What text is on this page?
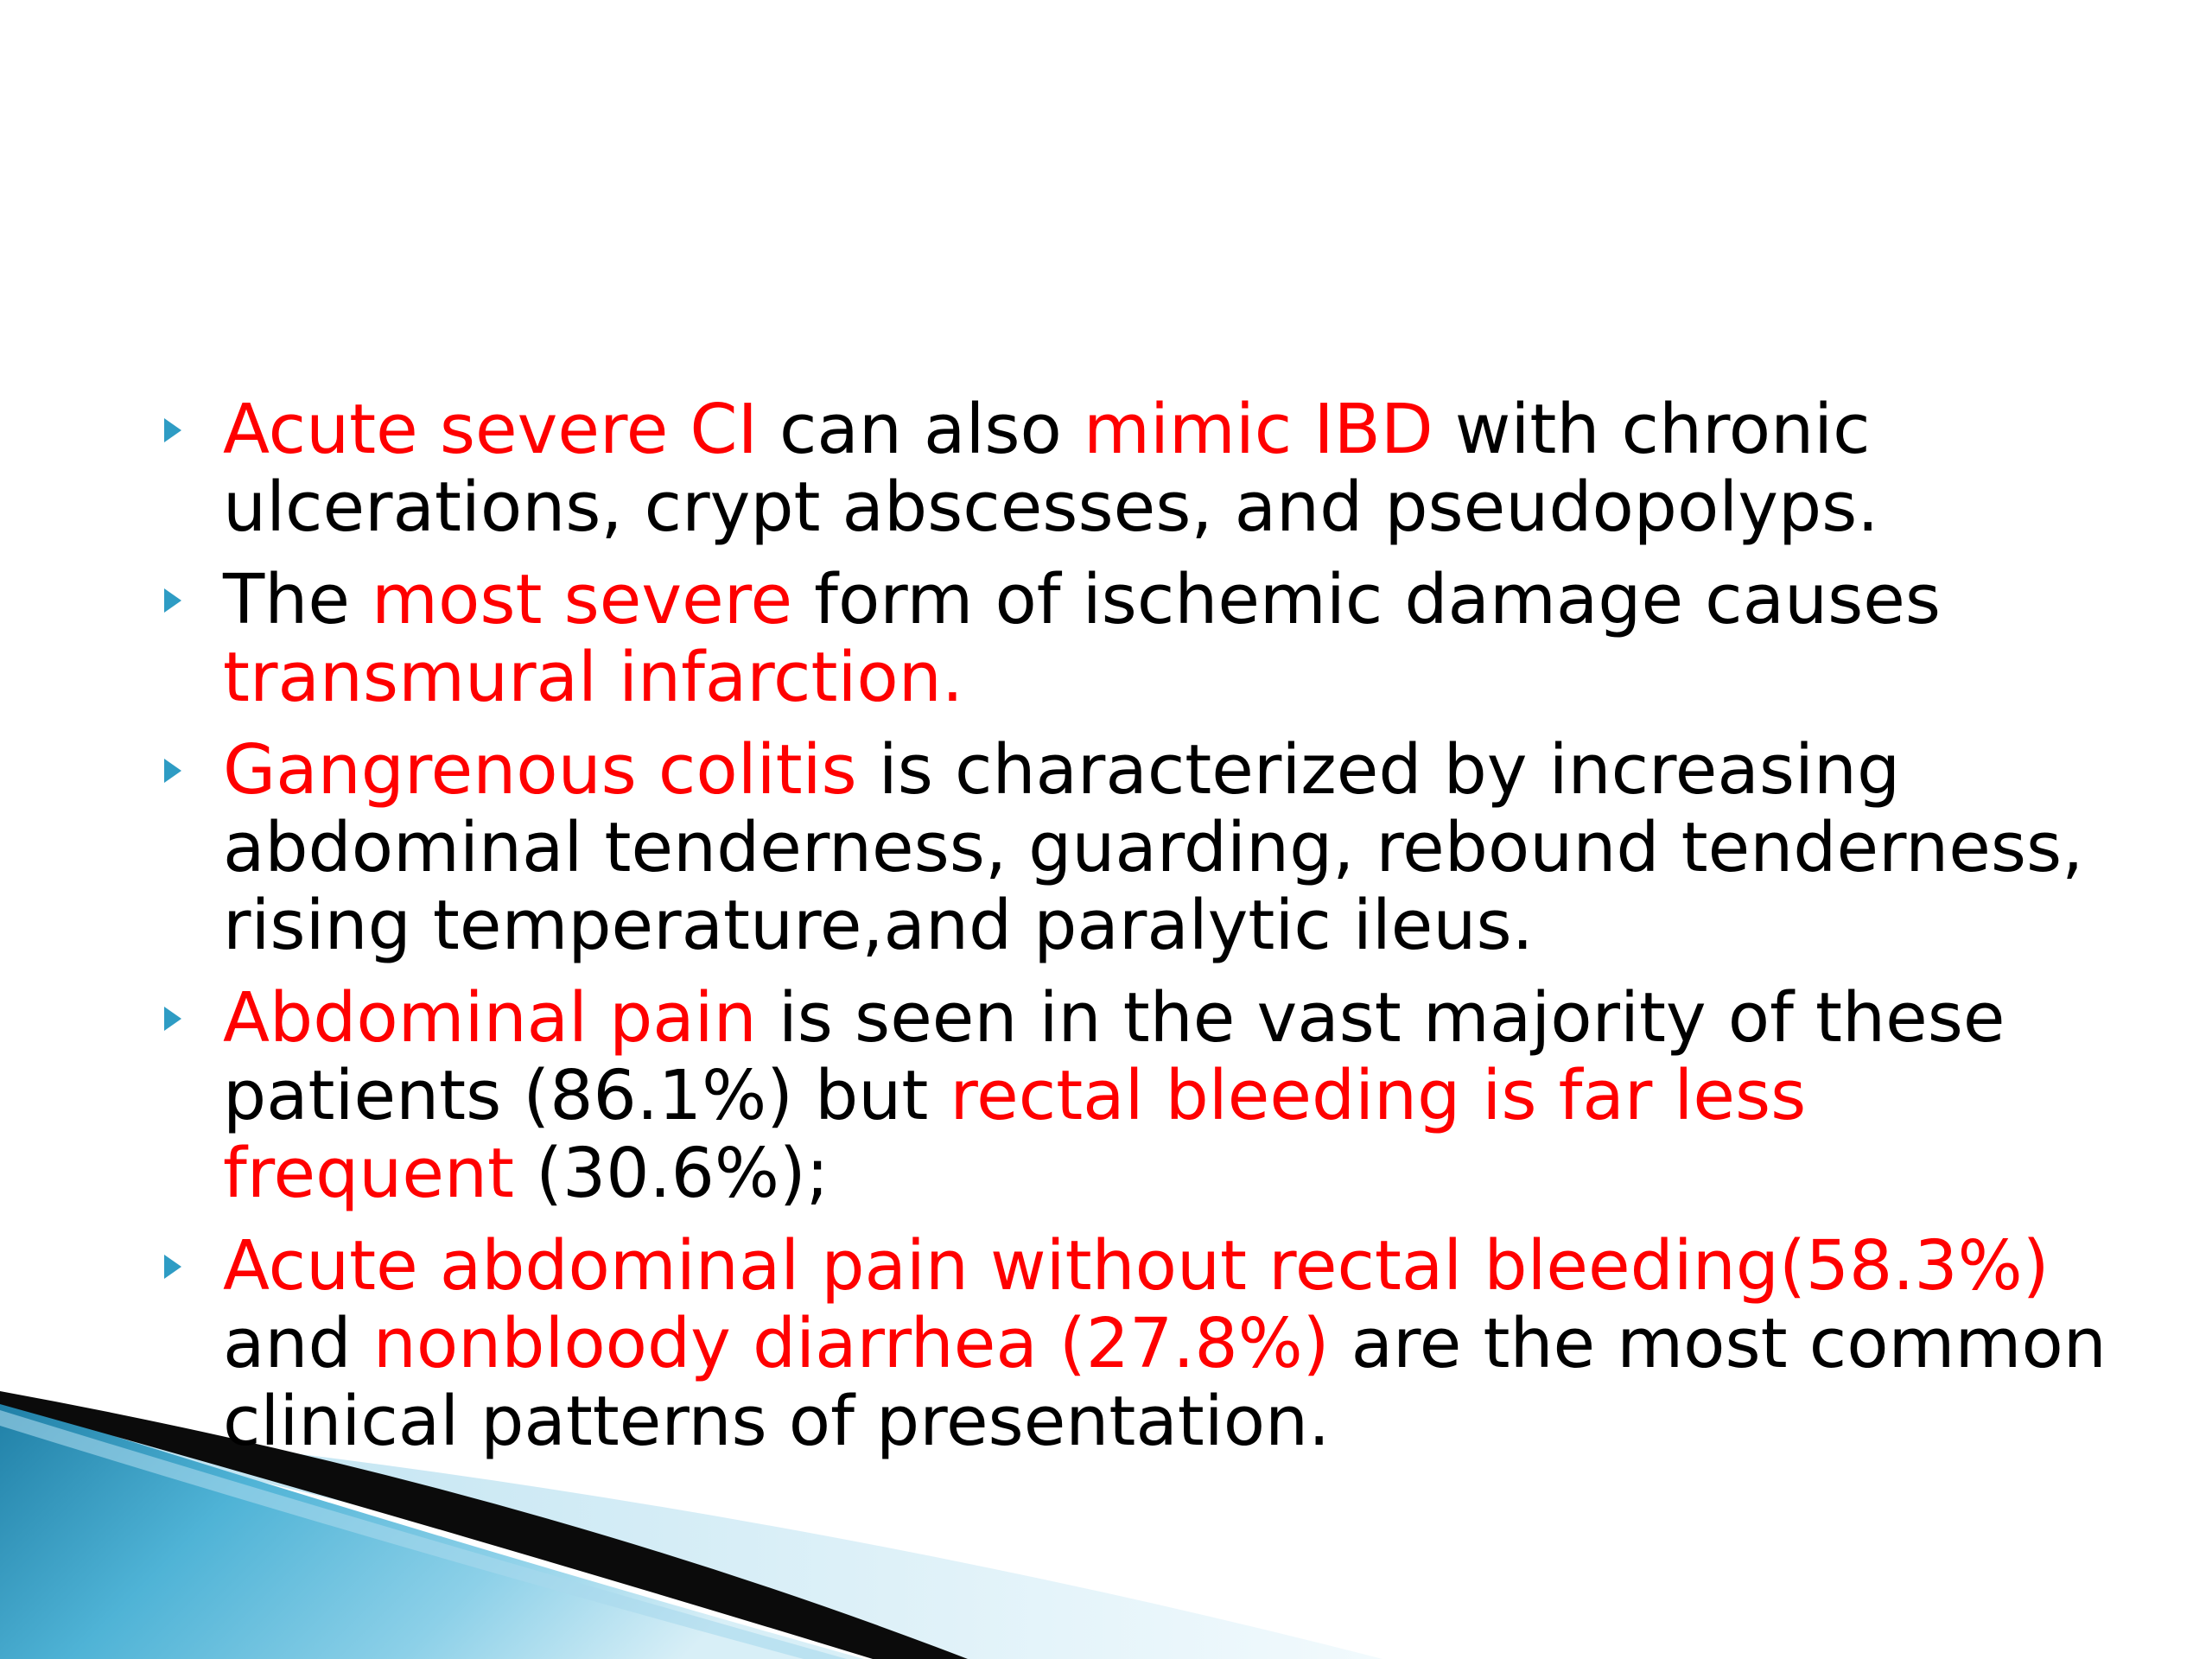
Acute severe CI can also mimic IBD with chronic ulcerations, crypt abscesses, and pseudopolyps.
The most severe form of ischemic damage causes transmural infarction.
Gangrenous colitis is characterized by increasing abdominal tenderness, guarding, rebound tenderness, rising temperature,and paralytic ileus.
Abdominal pain is seen in the vast majority of these patients (86.1%) but rectal bleeding is far less frequent (30.6%);
Acute abdominal pain without rectal bleeding(58.3%) and nonbloody diarrhea (27.8%) are the most common clinical patterns of presentation.
